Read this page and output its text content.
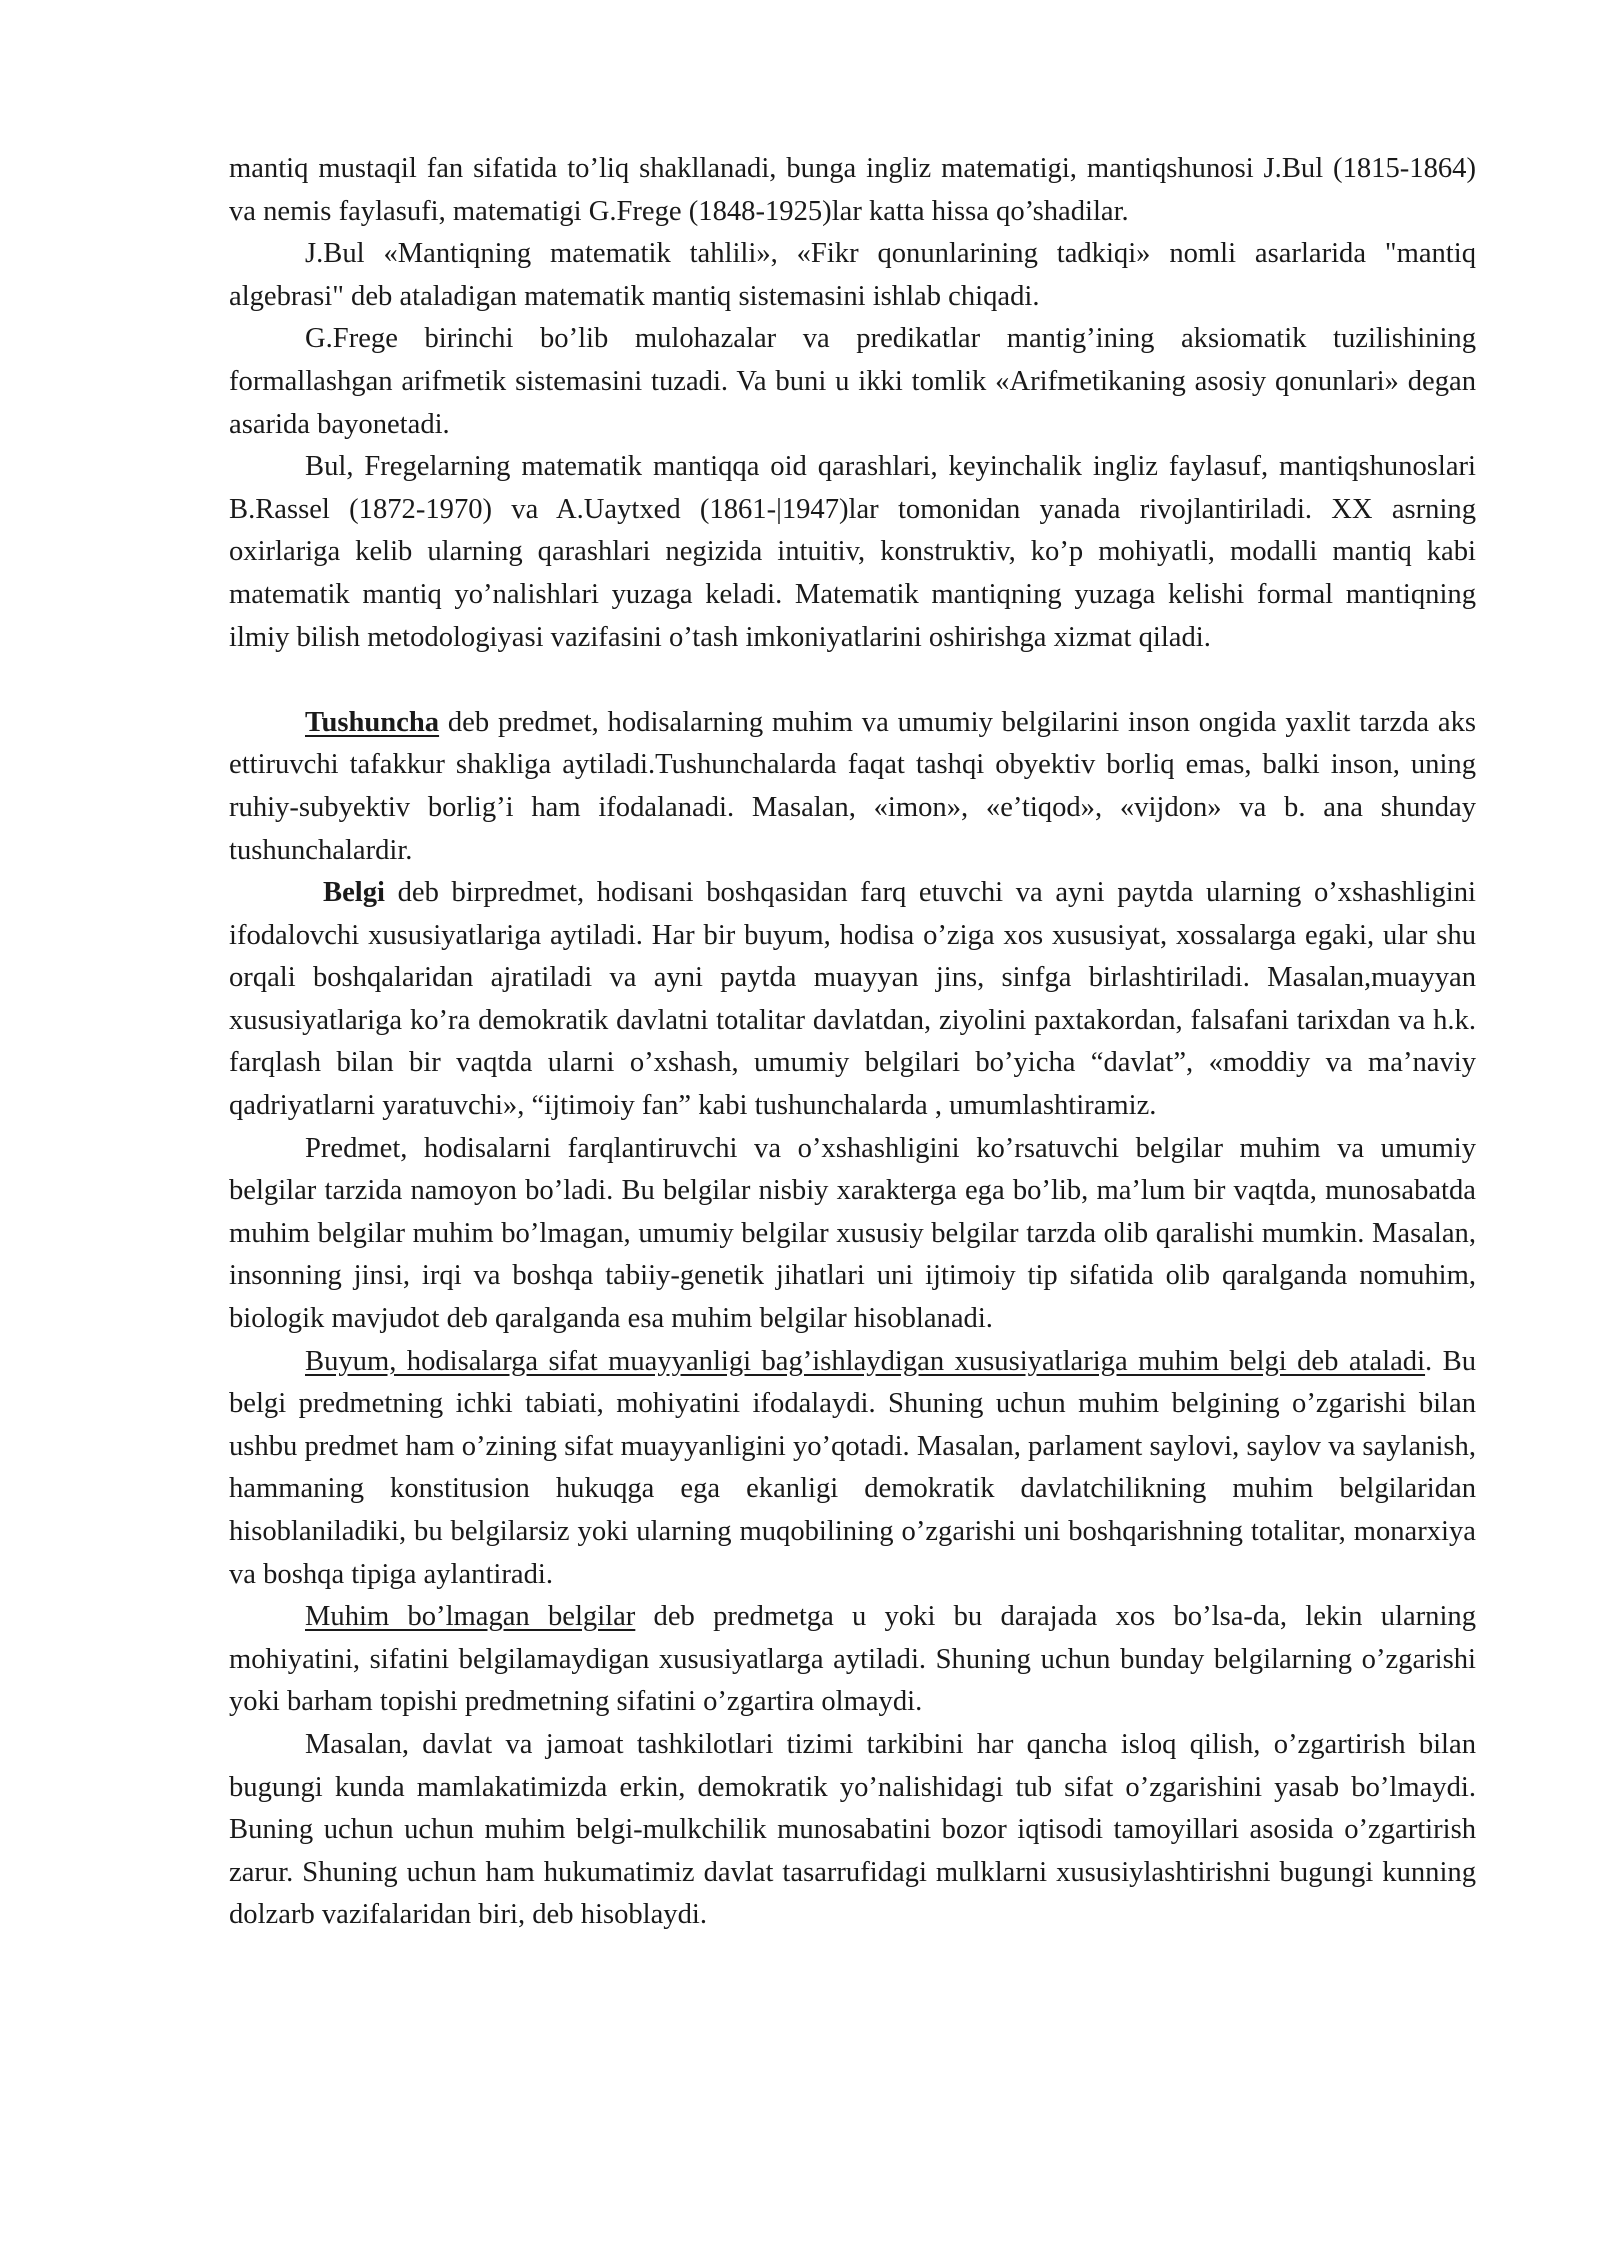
mantiq mustaqil fan sifatida to’liq shakllanadi, bunga ingliz matematigi, mantiqshunosi J.Bul (1815-1864) va nemis faylasufi, matematigi G.Frege (1848-1925)lar katta hissa qo’shadilar.

J.Bul «Mantiqning matematik tahlili», «Fikr qonunlarining tadkiqi» nomli asarlarida "mantiq algebrasi" deb ataladigan matematik mantiq sistemasini ishlab chiqadi.

G.Frege birinchi bo’lib mulohazalar va predikatlar mantig’ining aksiomatik tuzilishining formallashgan arifmetik sistemasini tuzadi. Va buni u ikki tomlik «Arifmetikaning asosiy qonunlari» degan asarida bayonetadi.

Bul, Fregelarning matematik mantiqqa oid qarashlari, keyinchalik ingliz faylasuf, mantiqshunoslari B.Rassel (1872-1970) va A.Uaytxed (1861-|1947)lar tomonidan yanada rivojlantiriladi. XX asrning oxirlariga kelib ularning qarashlari negizida intuitiv, konstruktiv, ko’p mohiyatli, modalli mantiq kabi matematik mantiq yo’nalishlari yuzaga keladi. Matematik mantiqning yuzaga kelishi formal mantiqning ilmiy bilish metodologiyasi vazifasini o’tash imkoniyatlarini oshirishga xizmat qiladi.

Tushuncha deb predmet, hodisalarning muhim va umumiy belgilarini inson ongida yaxlit tarzda aks ettiruvchi tafakkur shakliga aytiladi.Tushunchalarda faqat tashqi obyektiv borliq emas, balki inson, uning ruhiy-subyektiv borlig’i ham ifodalanadi. Masalan, «imon», «e’tiqod», «vijdon» va b. ana shunday tushunchalardir.

Belgi deb birpredmet, hodisani boshqasidan farq etuvchi va ayni paytda ularning o’xshashligini ifodalovchi xususiyatlariga aytiladi. Har bir buyum, hodisa o’ziga xos xususiyat, xossalarga egaki, ular shu orqali boshqalaridan ajratiladi va ayni paytda muayyan jins, sinfga birlashtiriladi. Masalan,muayyan xususiyatlariga ko’ra demokratik davlatni totalitar davlatdan, ziyolini paxtakordan, falsafani tarixdan va h.k. farqlash bilan bir vaqtda ularni o’xshash, umumiy belgilari bo’yicha “davlat”, «moddiy va ma’naviy qadriyatlarni yaratuvchi», “ijtimoiy fan” kabi tushunchalarda , umumlashtiramiz.

Predmet, hodisalarni farqlantiruvchi va o’xshashligini ko’rsatuvchi belgilar muhim va umumiy belgilar tarzida namoyon bo’ladi. Bu belgilar nisbiy xarakterga ega bo’lib, ma’lum bir vaqtda, munosabatda muhim belgilar muhim bo’lmagan, umumiy belgilar xususiy belgilar tarzda olib qaralishi mumkin. Masalan, insonning jinsi, irqi va boshqa tabiiy-genetik jihatlari uni ijtimoiy tip sifatida olib qaralganda nomuhim, biologik mavjudot deb qaralganda esa muhim belgilar hisoblanadi.

Buyum, hodisalarga sifat muayyanligi bag’ishlaydigan xususiyatlariga muhim belgi deb ataladi. Bu belgi predmetning ichki tabiati, mohiyatini ifodalaydi. Shuning uchun muhim belgining o’zgarishi bilan ushbu predmet ham o’zining sifat muayyanligini yo’qotadi. Masalan, parlament saylovi, saylov va saylanish, hammaning konstitusion hukuqga ega ekanligi demokratik davlatchilikning muhim belgilaridan hisoblaniladiki, bu belgilarsiz yoki ularning muqobilining o’zgarishi uni boshqarishning totalitar, monarxiya va boshqa tipiga aylantiradi.

Muhim bo’lmagan belgilar deb predmetga u yoki bu darajada xos bo’lsa-da, lekin ularning mohiyatini, sifatini belgilamaydigan xususiyatlarga aytiladi. Shuning uchun bunday belgilarning o’zgarishi yoki barham topishi predmetning sifatini o’zgartira olmaydi.

Masalan, davlat va jamoat tashkilotlari tizimi tarkibini har qancha isloq qilish, o’zgartirish bilan bugungi kunda mamlakatimizda erkin, demokratik yo’nalishidagi tub sifat o’zgarishini yasab bo’lmaydi. Buning uchun uchun muhim belgi-mulkchilik munosabatini bozor iqtisodi tamoyillari asosida o’zgartirish zarur. Shuning uchun ham hukumatimiz davlat tasarrufidagi mulklarni xususiylashtirishni bugungi kunning dolzarb vazifalaridan biri, deb hisoblaydi.
